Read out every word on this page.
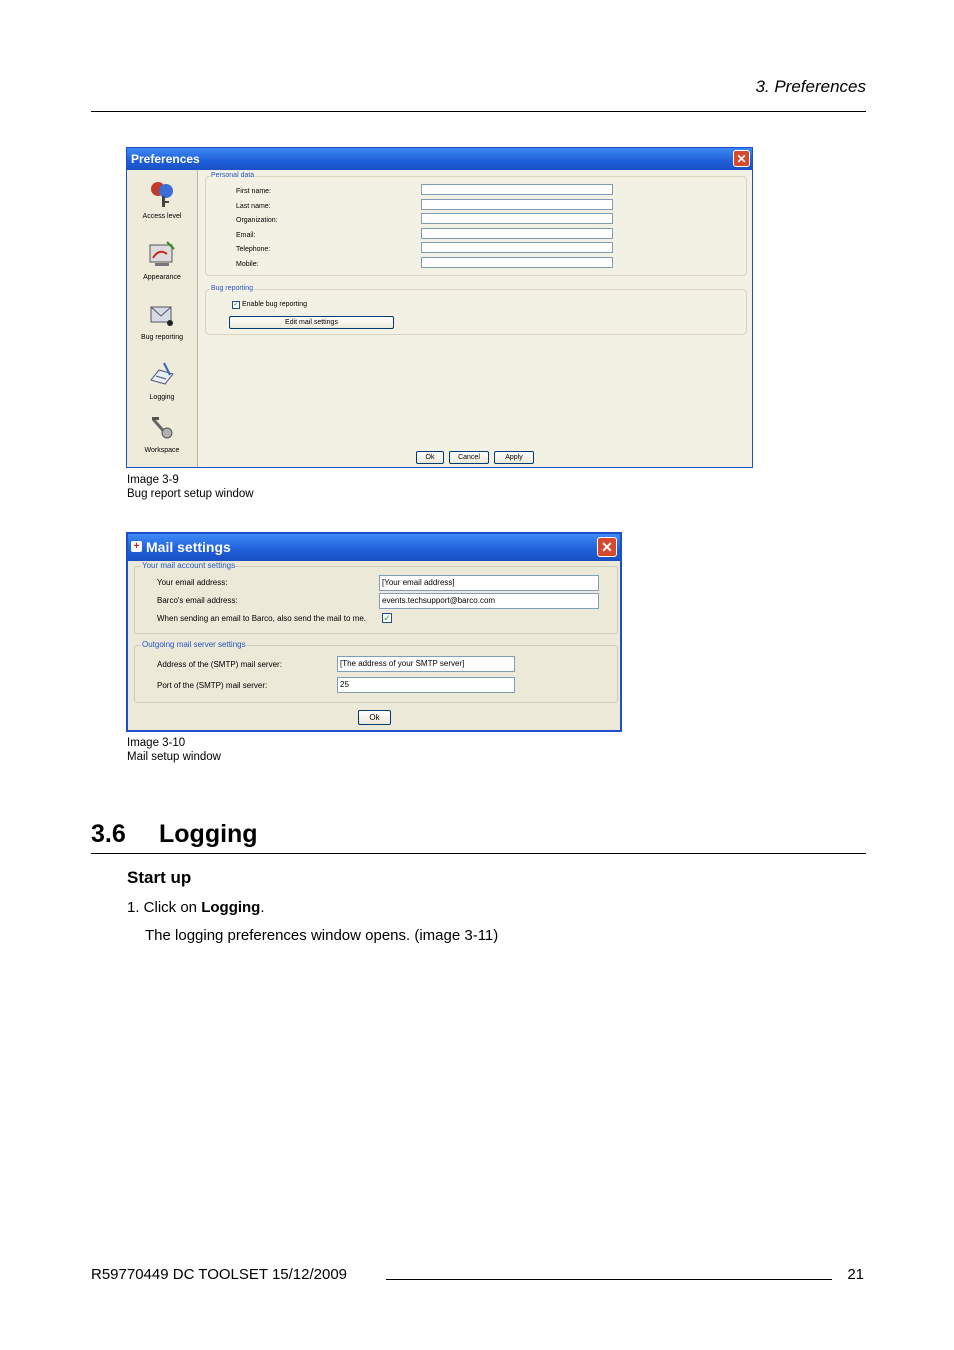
3. Preferences
Preferences	✕
Access level
Appearance
Bug reporting
Logging
Workspace
Personal data
First name:
Last name:
Organization:
Email:
Telephone:
Mobile:
Bug reporting
✓ Enable bug reporting
Edit mail settings
Ok	Cancel	Apply
Image 3-9
Bug report setup window
+ Mail settings	✕
Your mail account settings
Your email address:	[Your email address]
Barco's email address:	events.techsupport@barco.com
When sending an email to Barco, also send the mail to me. ✓
Outgoing mail server settings
Address of the (SMTP) mail server:	[The address of your SMTP server]
Port of the (SMTP) mail server:	25
Ok
Image 3-10
Mail setup window
3.6 Logging
Start up
1. Click on Logging.
The logging preferences window opens. (image 3-11)
R59770449 DC TOOLSET 15/12/2009	21
